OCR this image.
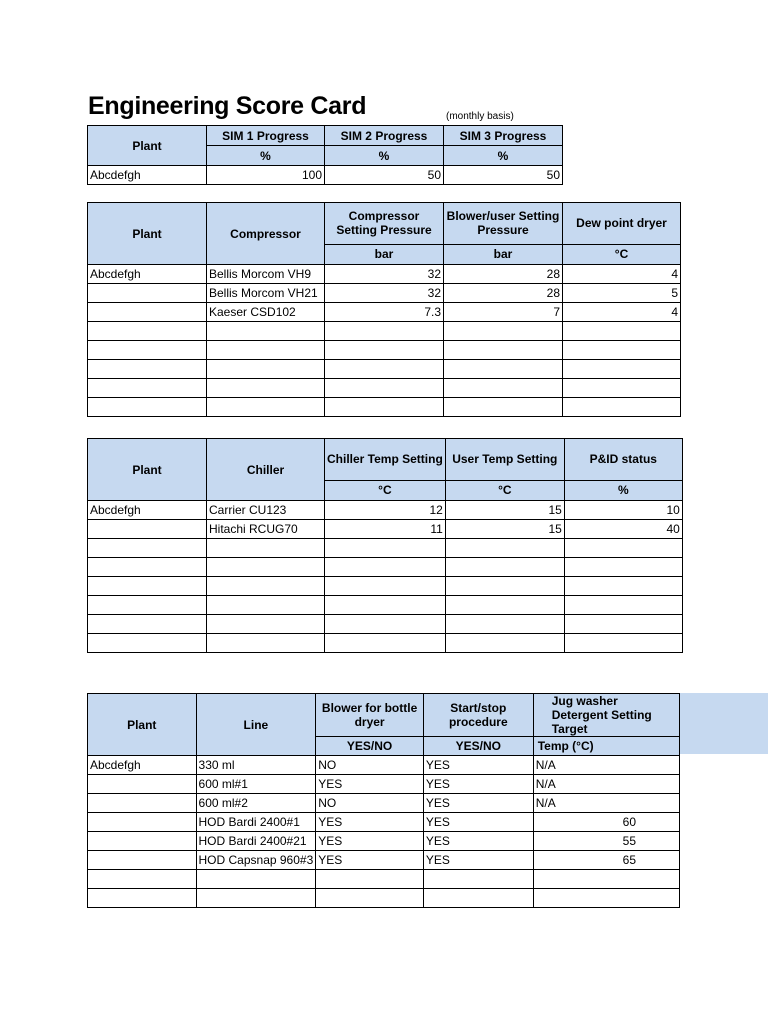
Engineering Score Card	(monthly basis)
Plant	SIM 1 Progress	SIM 2 Progress	SIM 3 Progress
	%	%	%
Abcdefgh	100	50	50
Plant	Compressor	Compressor Setting Pressure	Blower/user Setting Pressure	Dew point dryer
		bar	bar	°C
Abcdefgh	Bellis Morcom VH9	32	28	4
	Bellis Morcom VH21	32	28	5
	Kaeser CSD102	7.3	7	4

Plant	Chiller	Chiller Temp Setting	User Temp Setting	P&ID status
		°C	°C	%
Abcdefgh	Carrier CU123	12	15	10
	Hitachi RCUG70	11	15	40

Plant	Line	Blower for bottle dryer	Start/stop procedure	Jug washer Detergent Setting Target
		YES/NO	YES/NO	Temp (°C)
Abcdefgh	330 ml	NO	YES	N/A
	600 ml#1	YES	YES	N/A
	600 ml#2	NO	YES	N/A
	HOD Bardi 2400#1	YES	YES	60
	HOD Bardi 2400#21	YES	YES	55
	HOD Capsnap 960#3	YES	YES	65
